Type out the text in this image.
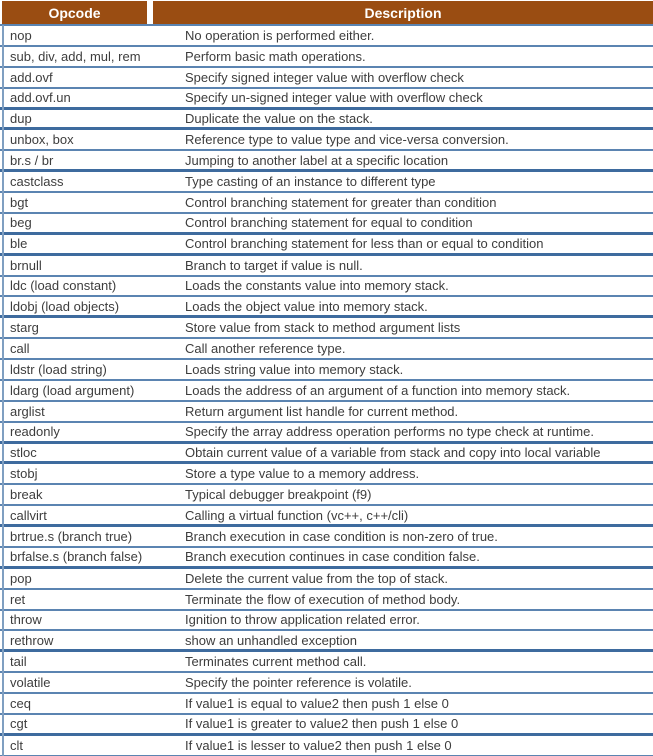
Opcode	Description
nop	No operation is performed either.
sub, div, add, mul, rem	Perform basic math operations.
add.ovf	Specify signed integer value with overflow check
add.ovf.un	Specify un-signed integer value with overflow check
dup	Duplicate the value on the stack.
unbox, box	Reference type to value type and vice-versa conversion.
br.s / br	Jumping to another label at a specific location
castclass	Type casting of an instance to different type
bgt	Control branching statement for greater than condition
beg	Control branching statement for equal to condition
ble	Control branching statement for less than or equal to condition
brnull	Branch to target if value is null.
ldc (load constant)	Loads the constants value into memory stack.
ldobj (load objects)	Loads the object value into memory stack.
starg	Store value from stack to method argument lists
call	Call another reference type.
ldstr (load string)	Loads string value into memory stack.
ldarg (load argument)	Loads the address of an argument of a function into memory stack.
arglist	Return argument list handle for current method.
readonly	Specify the array address operation performs no type check at runtime.
stloc	Obtain current value of a variable from stack and copy into local variable
stobj	Store a type value to a memory address.
break	Typical debugger breakpoint (f9)
callvirt	Calling a virtual function (vc++, c++/cli)
brtrue.s (branch true)	Branch execution in case condition is non-zero of true.
brfalse.s (branch false)	Branch execution continues in case condition false.
pop	Delete the current value from the top of stack.
ret	Terminate the flow of execution of method body.
throw	Ignition to throw application related error.
rethrow	show an unhandled exception
tail	Terminates current method call.
volatile	Specify the pointer reference is volatile.
ceq	If value1 is equal to value2 then push 1 else 0
cgt	If value1 is greater to value2 then push 1 else 0
clt	If value1 is lesser to value2 then push 1 else 0
